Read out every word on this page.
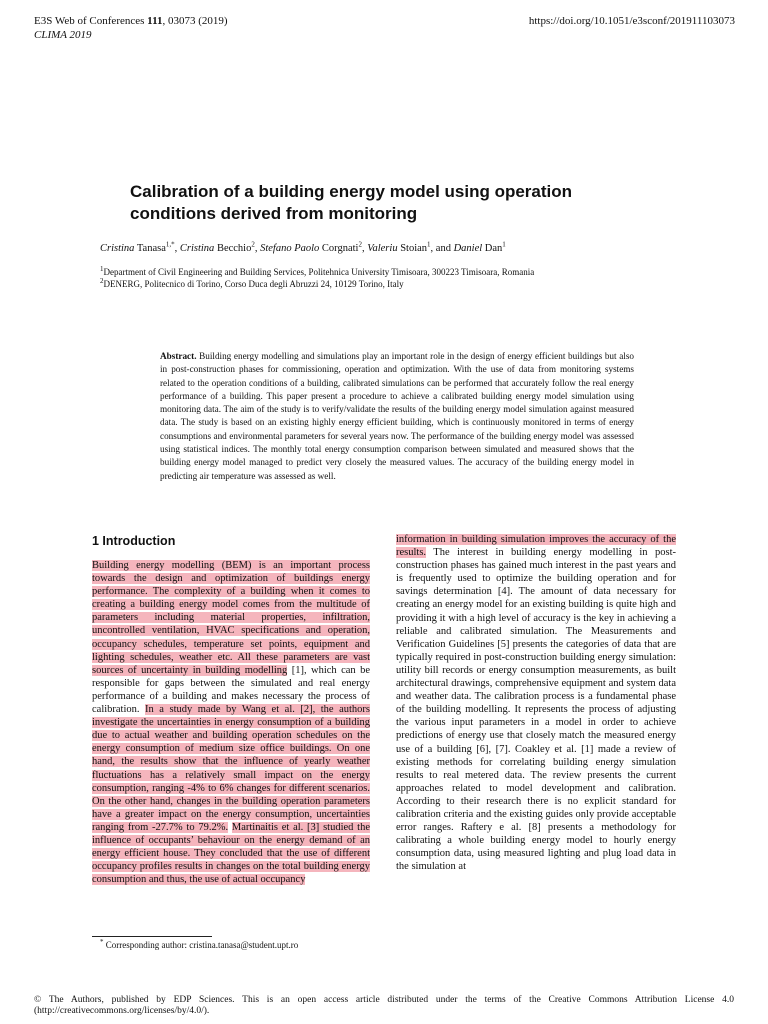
E3S Web of Conferences 111, 03073 (2019)
CLIMA 2019
https://doi.org/10.1051/e3sconf/201911103073
Calibration of a building energy model using operation
conditions derived from monitoring
Cristina Tanasa$^{1,*}$, Cristina Becchio$^2$, Stefano Paolo Corgnati$^2$, Valeriu Stoian$^1$, and Daniel Dan$^1$
$^1$Department of Civil Engineering and Building Services, Politehnica University Timisoara, 300223 Timisoara, Romania
$^2$DENERG, Politecnico di Torino, Corso Duca degli Abruzzi 24, 10129 Torino, Italy
Abstract. Building energy modelling and simulations play an important role in the design of energy efficient buildings but also in post-construction phases for commissioning, operation and optimization. With the use of data from monitoring systems related to the operation conditions of a building, calibrated simulations can be performed that accurately follow the real energy performance of a building. This paper present a procedure to achieve a calibrated building energy model simulation using monitoring data. The aim of the study is to verify/validate the results of the building energy model simulation against measured data. The study is based on an existing highly energy efficient building, which is continuously monitored in terms of energy consumptions and environmental parameters for several years now. The performance of the building energy model was assessed using statistical indices. The monthly total energy consumption comparison between simulated and measured shows that the building energy model managed to predict very closely the measured values. The accuracy of the building energy model in predicting air temperature was assessed as well.
1 Introduction
Building energy modelling (BEM) is an important process towards the design and optimization of buildings energy performance. The complexity of a building when it comes to creating a building energy model comes from the multitude of parameters including material properties, infiltration, uncontrolled ventilation, HVAC specifications and operation, occupancy schedules, temperature set points, equipment and lighting schedules, weather etc. All these parameters are vast sources of uncertainty in building modelling [1], which can be responsible for gaps between the simulated and real energy performance of a building and makes necessary the process of calibration. In a study made by Wang et al. [2], the authors investigate the uncertainties in energy consumption of a building due to actual weather and building operation schedules on the energy consumption of medium size office buildings. On one hand, the results show that the influence of yearly weather fluctuations has a relatively small impact on the energy consumption, ranging -4% to 6% changes for different scenarios. On the other hand, changes in the building operation parameters have a greater impact on the energy consumption, uncertainties ranging from -27.7% to 79.2%. Martinaitis et al. [3] studied the influence of occupants’ behaviour on the energy demand of an energy efficient house. They concluded that the use of different occupancy profiles results in changes on the total building energy consumption and thus, the use of actual occupancy
information in building simulation improves the accuracy of the results. The interest in building energy modelling in post-construction phases has gained much interest in the past years and is frequently used to optimize the building operation and for savings determination [4]. The amount of data necessary for creating an energy model for an existing building is quite high and providing it with a high level of accuracy is the key in achieving a reliable and calibrated simulation. The Measurements and Verification Guidelines [5] presents the categories of data that are typically required in post-construction building energy simulation: utility bill records or energy consumption measurements, as built architectural drawings, comprehensive equipment and system data and weather data. The calibration process is a fundamental phase of the building modelling. It represents the process of adjusting the various input parameters in a model in order to achieve predictions of energy use that closely match the measured energy use of a building [6], [7]. Coakley et al. [1] made a review of existing methods for correlating building energy simulation results to real metered data. The review presents the current approaches related to model development and calibration. According to their research there is no explicit standard for calibration criteria and the existing guides only provide acceptable error ranges. Raftery e al. [8] presents a methodology for calibrating a whole building energy model to hourly energy consumption data, using measured lighting and plug load data in the simulation at
* Corresponding author: cristina.tanasa@student.upt.ro
© The Authors, published by EDP Sciences. This is an open access article distributed under the terms of the Creative Commons Attribution License 4.0 (http://creativecommons.org/licenses/by/4.0/).
